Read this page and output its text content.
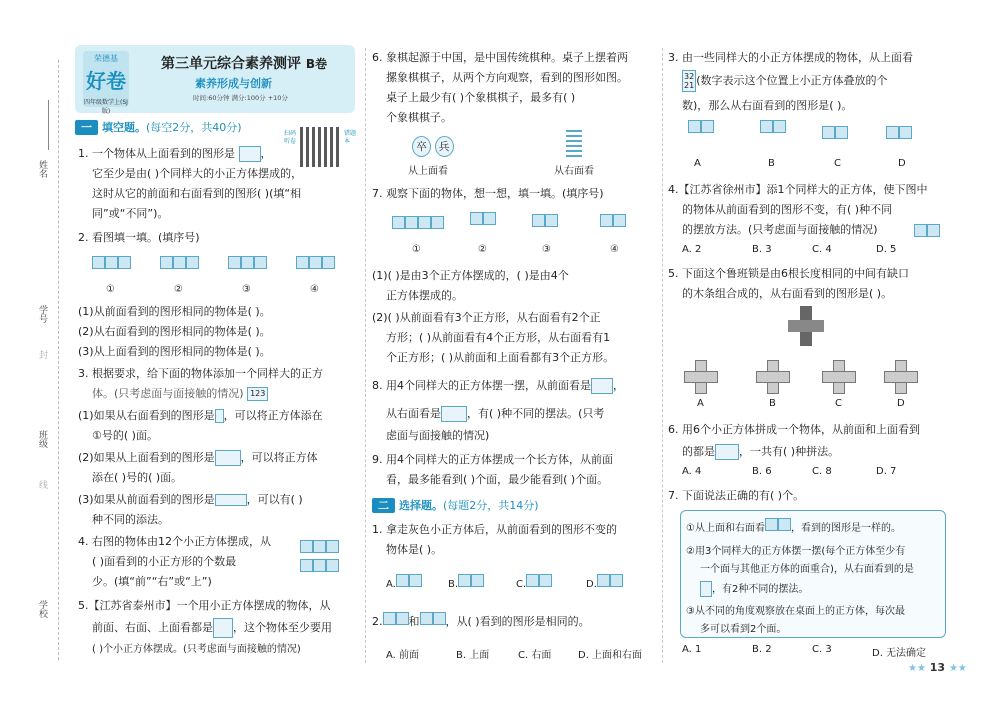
姓名
学号
封
班级
线
学校
荣德基
好卷
四年级数学上(SJ版)
第三单元综合素养测评 B卷
素养形成与创新
时间:60分钟 满分:100分 +10分
一 填空题。(每空2分，共40分)	扫码听卷
错题本
1. 一个物体从上面看到的图形是 ，
它至少是由( )个同样大的小正方体摆成的，
这时从它的前面和右面看到的图形( )(填“相
同”或“不同”)。
2. 看图填一填。(填序号)
①	②	③	④
(1)从前面看到的图形相同的物体是( )。
(2)从右面看到的图形相同的物体是( )。
(3)从上面看到的图形相同的物体是( )。
3. 根据要求，给下面的物体添加一个同样大的正方
体。(只考虑面与面接触的情况) 123
(1)如果从右面看到的图形是 ，可以将正方体添在
①号的( )面。
(2)如果从上面看到的图形是 ，可以将正方体
添在( )号的( )面。
(3)如果从前面看到的图形是	，可以有( )
种不同的添法。
4. 右图的物体由12个小正方体摆成，从
( )面看到的小正方形的个数最
少。(填“前”“右”或“上”)

5.【江苏省泰州市】一个用小正方体摆成的物体，从
前面、右面、上面看都是 ，这个物体至少要用
( )个小正方体摆成。(只考虑面与面接触的情况)
6. 象棋起源于中国，是中国传统棋种。桌子上摆着两
摞象棋棋子，从两个方向观察，看到的图形如图。
桌子上最少有( )个象棋棋子，最多有( )
个象棋棋子。
卒 兵
从上面看	从右面看
7. 观察下面的物体，想一想，填一填。(填序号)
①	②	③	④
(1)( )是由3个正方体摆成的，( )是由4个
正方体摆成的。
(2)( )从前面看有3个正方形，从右面看有2个正
方形；( )从前面看有4个正方形，从右面看有1
个正方形；( )从前面和上面看都有3个正方形。
8. 用4个同样大的正方体摆一摆，从前面看是 ，
从右面看是 ，有( )种不同的摆法。(只考
虑面与面接触的情况)
9. 用4个同样大的正方体摆成一个长方体，从前面
看，最多能看到( )个面，最少能看到( )个面。
二 选择题。(每题2分，共14分)
1. 拿走灰色小正方体后，从前面看到的图形不变的
物体是( )。
A.	B.	C.	D.
2. 和 ，从( )看到的图形是相同的。
A. 前面	B. 上面	C. 右面	D. 上面和右面
3. 由一些同样大的小正方体摆成的物体，从上面看
32
21 (数字表示这个位置上小正方体叠放的个
数)，那么从右面看到的图形是( )。
A	B	C	D
4.【江苏省徐州市】添1个同样大的正方体，使下图中
的物体从前面看到的图形不变，有( )种不同
的摆放方法。(只考虑面与面接触的情况)
A. 2	B. 3	C. 4	D. 5
5. 下面这个鲁班锁是由6根长度相同的中间有缺口
的木条组合成的，从右面看到的图形是( )。
A	B	C	D
6. 用6个小正方体拼成一个物体，从前面和上面看到
的都是 ，一共有( )种拼法。
A. 4	B. 6	C. 8	D. 7
7. 下面说法正确的有( )个。
①从上面和右面看	，看到的图形是一样的。
②用3个同样大的正方体摆一摆(每个正方体至少有
一个面与其他正方体的面重合)，从右面看到的是
，有2种不同的摆法。
③从不同的角度观察放在桌面上的正方体，每次最
多可以看到2个面。
A. 1	B. 2	C. 3	D. 无法确定
★★ 13 ★★
